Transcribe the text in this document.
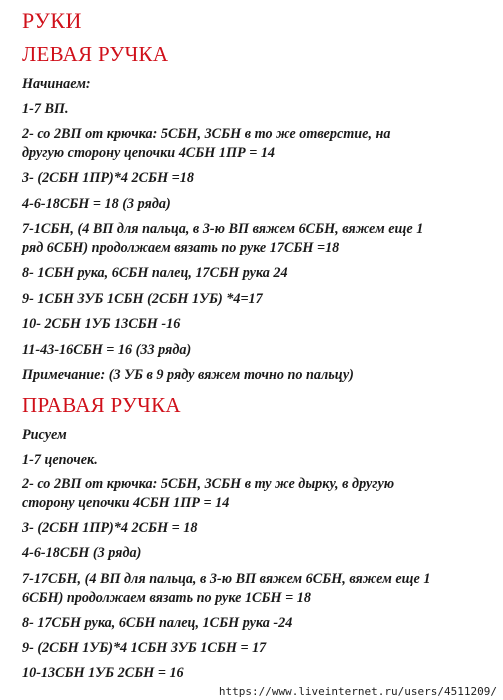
РУКИ
ЛЕВАЯ РУЧКА
Начинаем:
1-7 ВП.
2- со 2ВП от крючка: 5СБН, 3СБН в то же отверстие, на
другую сторону цепочки 4СБН 1ПР = 14
3- (2СБН 1ПР)*4 2СБН =18
4-6-18СБН = 18 (3 ряда)
7-1СБН, (4 ВП для пальца, в 3-ю ВП вяжем 6СБН, вяжем еще 1
ряд 6СБН) продолжаем вязать по руке 17СБН =18
8- 1СБН рука, 6СБН палец, 17СБН рука 24
9- 1СБН ЗУБ 1СБН (2СБН 1УБ) *4=17
10- 2СБН 1УБ 13СБН -16
11-43-16СБН = 16 (33 ряда)
Примечание: (3 УБ в 9 ряду вяжем точно по пальцу)
ПРАВАЯ РУЧКА
Рисуем
1-7 цепочек.
2- со 2ВП от крючка: 5СБН, 3СБН в ту же дырку, в другую
сторону цепочки 4СБН 1ПР = 14
3- (2СБН 1ПР)*4 2СБН = 18
4-6-18СБН (3 ряда)
7-17СБН, (4 ВП для пальца, в 3-ю ВП вяжем 6СБН, вяжем еще 1
6СБН) продолжаем вязать по руке 1СБН = 18
8- 17СБН рука, 6СБН палец, 1СБН рука -24
9- (2СБН 1УБ)*4 1СБН ЗУБ 1СБН = 17
10-13СБН 1УБ 2СБН = 16
https://www.liveinternet.ru/users/4511209/
